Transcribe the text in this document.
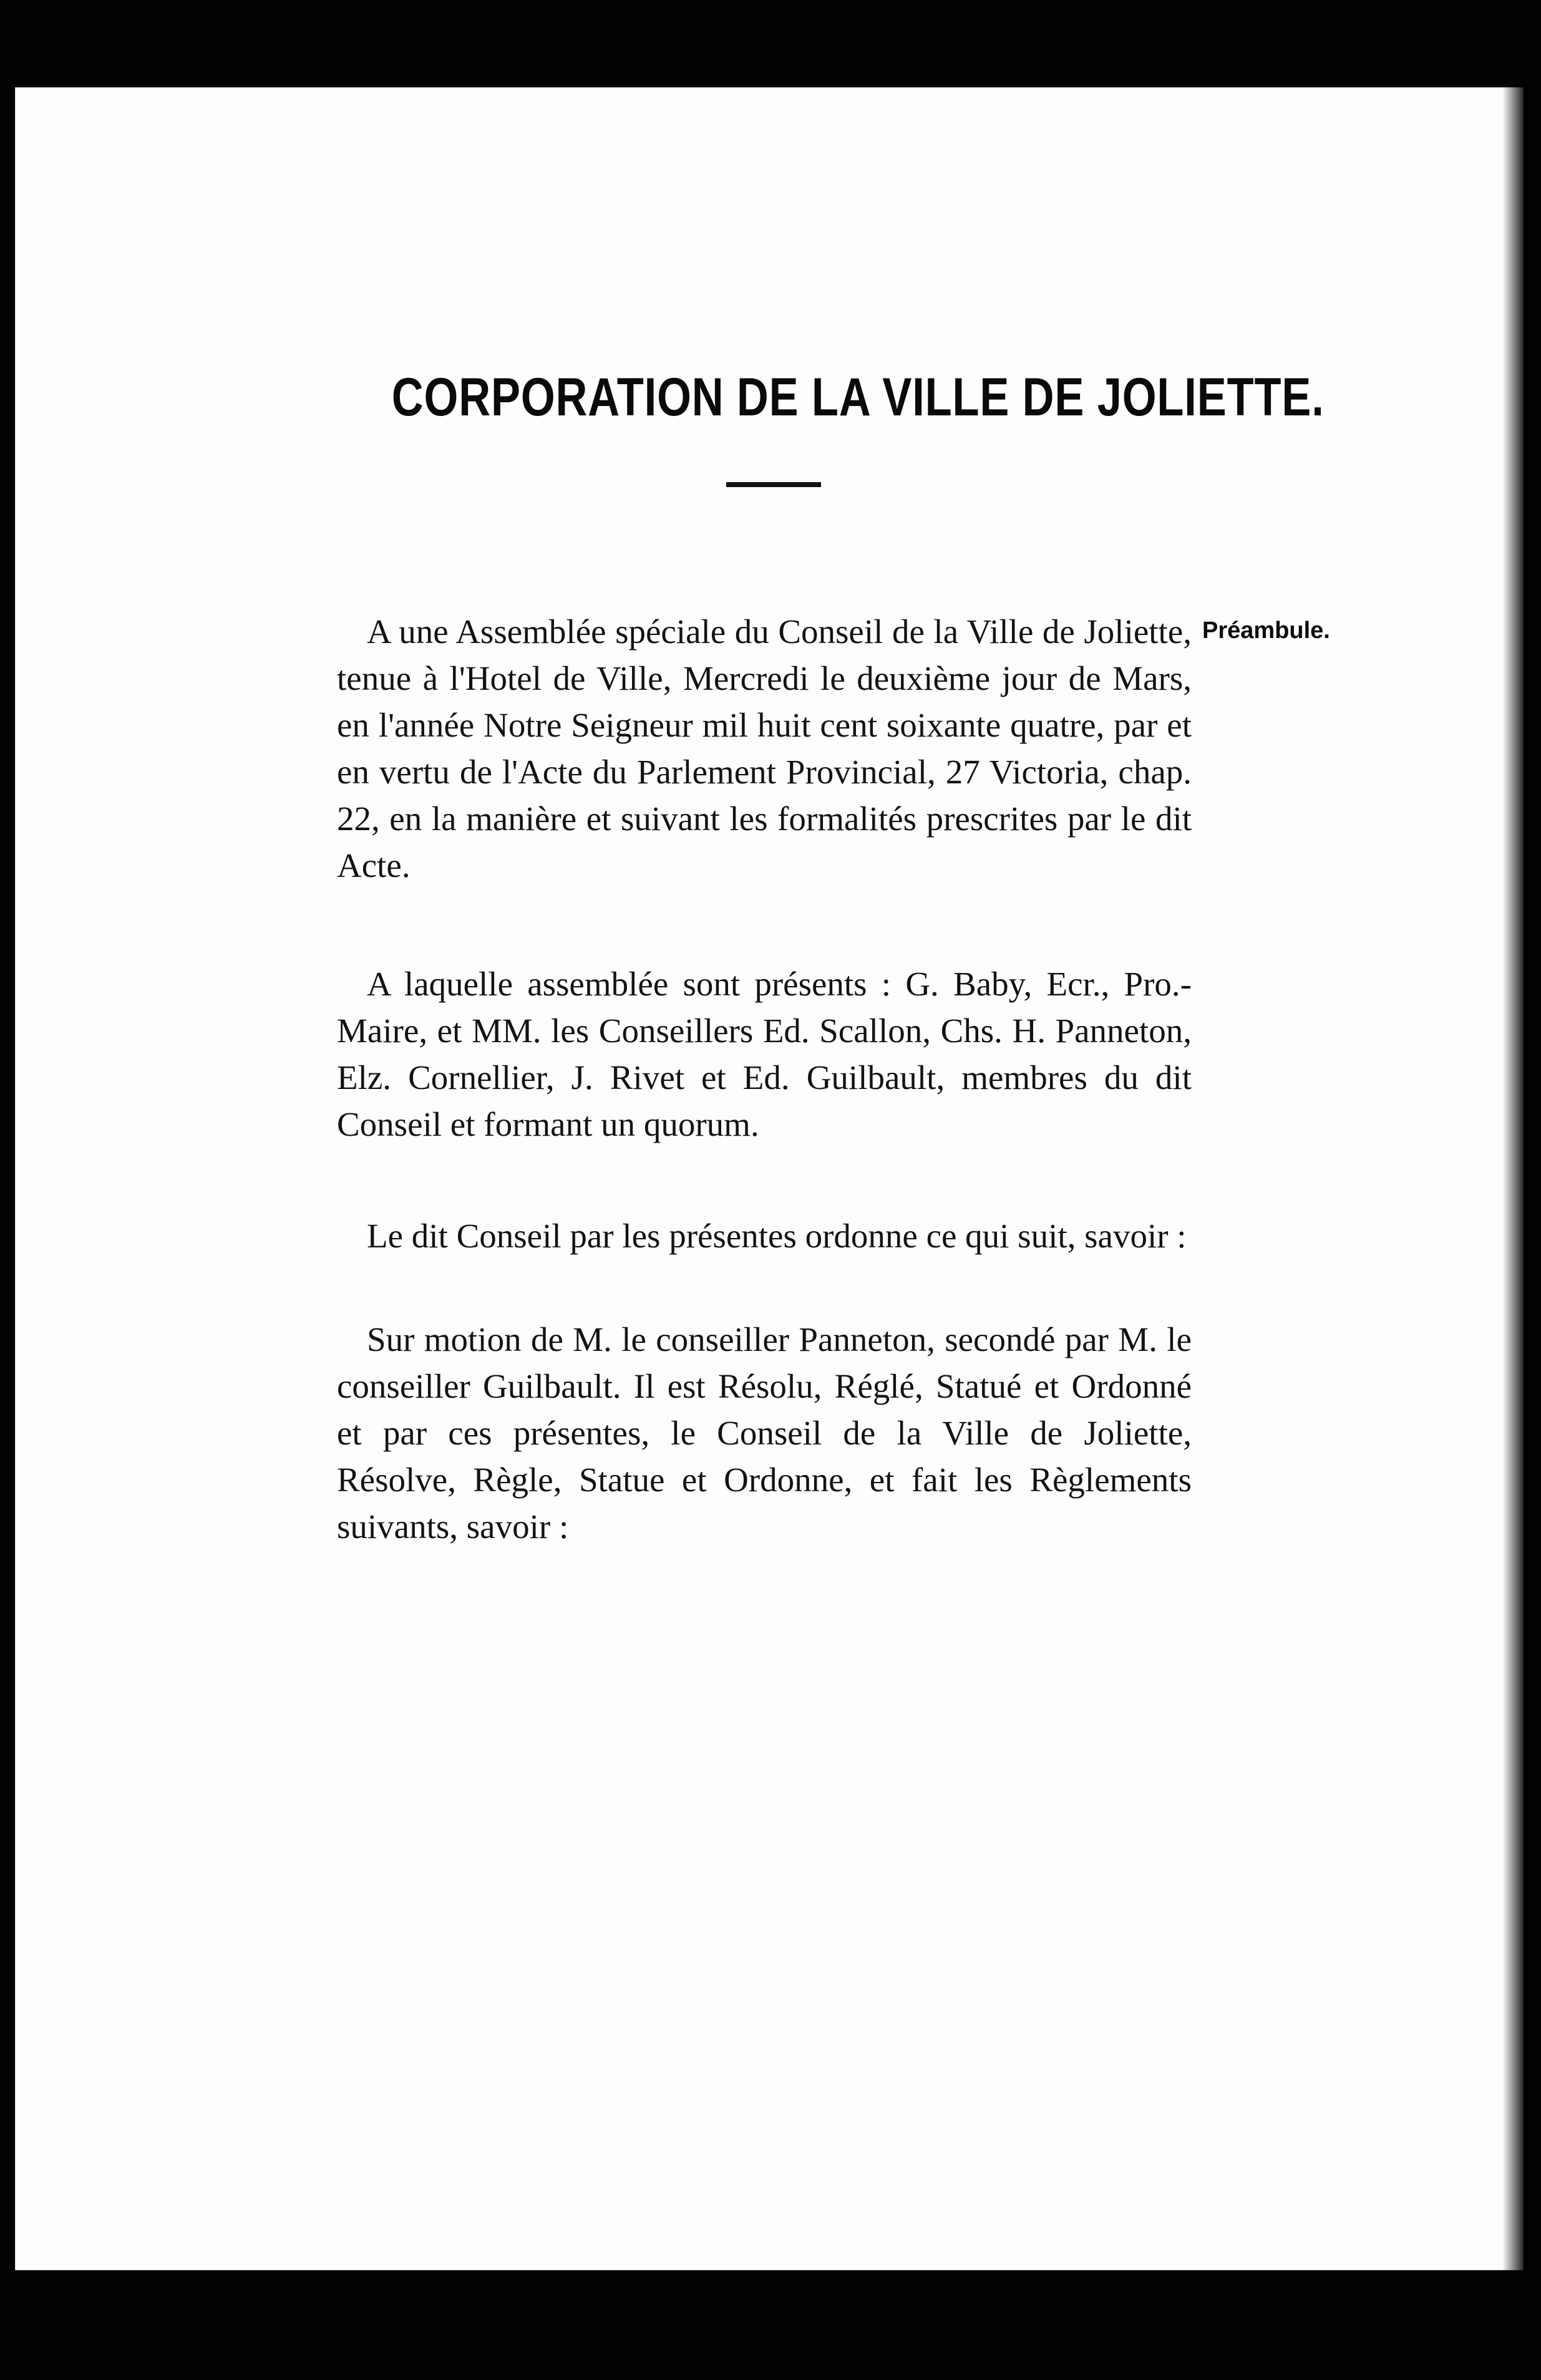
CORPORATION DE LA VILLE DE JOLIETTE.
Préambule.

A une Assemblée spéciale du Conseil de la Ville de Joliette, tenue à l'Hotel de Ville, Mercredi le deuxième jour de Mars, en l'année Notre Seigneur mil huit cent soixante quatre, par et en vertu de l'Acte du Parlement Provincial, 27 Victoria, chap. 22, en la manière et suivant les formalités prescrites par le dit Acte.

A laquelle assemblée sont présents : G. Baby, Ecr., Pro.-Maire, et MM. les Conseillers Ed. Scallon, Chs. H. Panneton, Elz. Cornellier, J. Rivet et Ed. Guilbault, membres du dit Conseil et formant un quorum.

Le dit Conseil par les présentes ordonne ce qui suit, savoir :

Sur motion de M. le conseiller Panneton, secondé par M. le conseiller Guilbault. Il est Résolu, Réglé, Statué et Ordonné et par ces présentes, le Conseil de la Ville de Joliette, Résolve, Règle, Statue et Ordonne, et fait les Règlements suivants, savoir :
